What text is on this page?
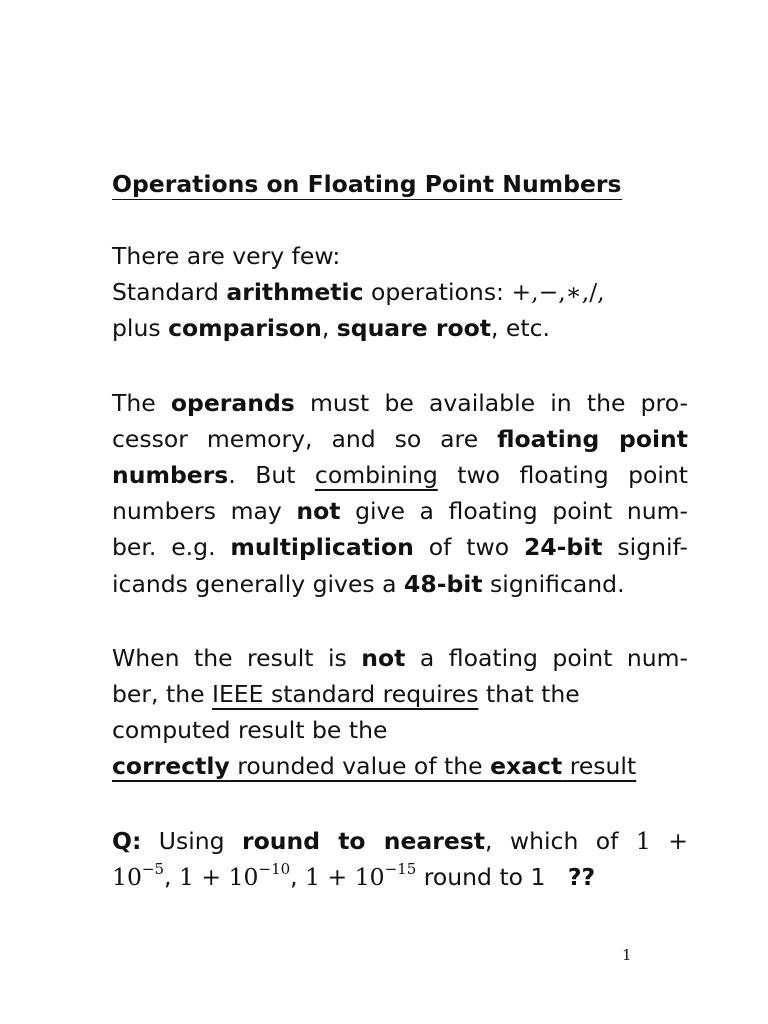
Operations on Floating Point Numbers
There are very few:
Standard arithmetic operations: +,−,∗,/,
plus comparison, square root, etc.
The operands must be available in the pro-
cessor memory, and so are floating point
numbers. But combining two floating point
numbers may not give a floating point num-
ber. e.g. multiplication of two 24-bit signif-
icands generally gives a 48-bit significand.
When the result is not a floating point num-
ber, the IEEE standard requires that the
computed result be the
correctly rounded value of the exact result
Q: Using round to nearest, which of 1 +
$10^{-5}$, $1 + 10^{-10}$, $1 + 10^{-15}$ round to 1 ??
1
